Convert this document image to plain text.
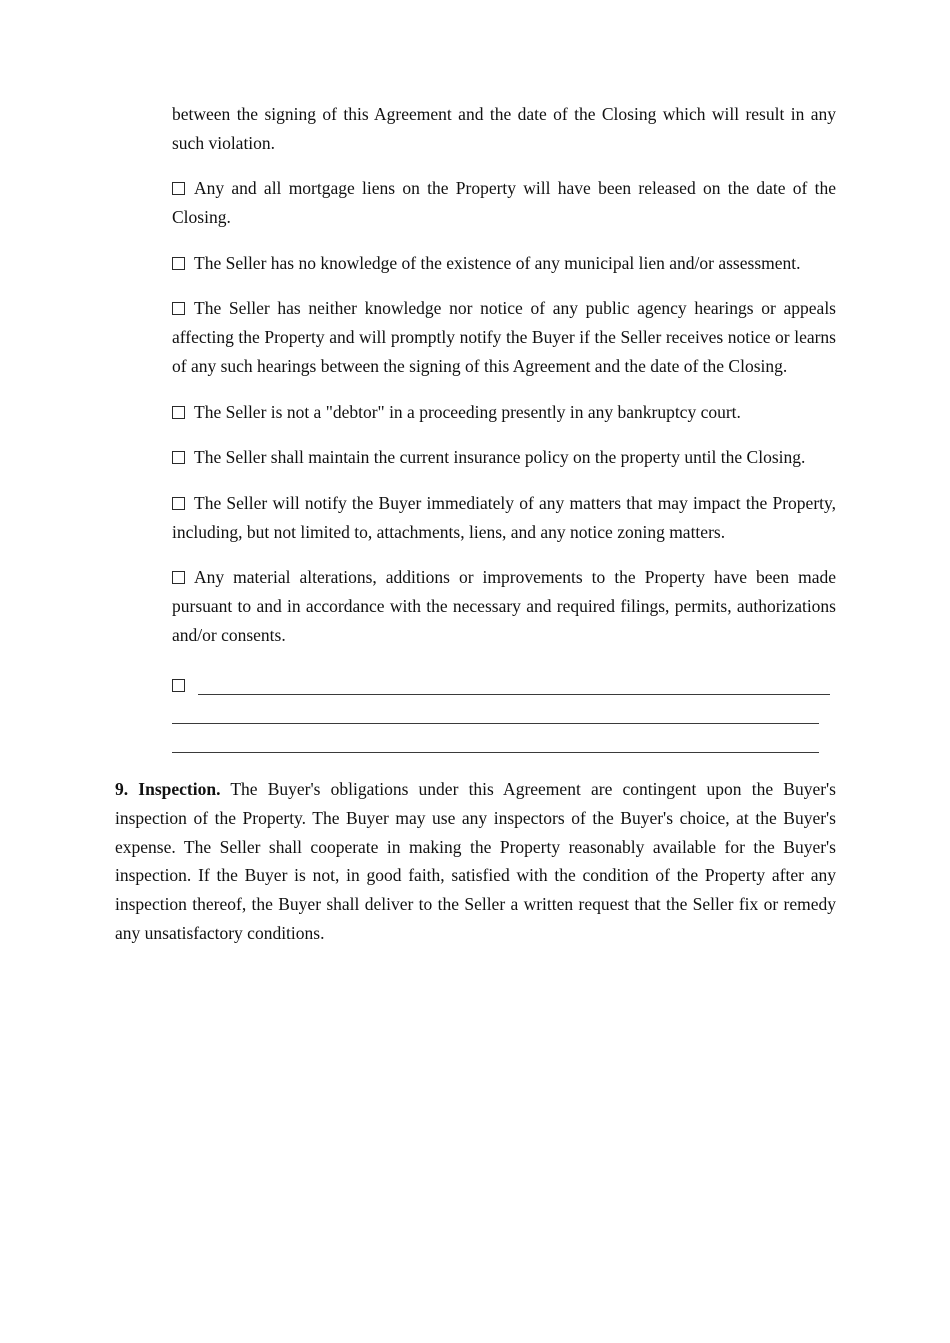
between the signing of this Agreement and the date of the Closing which will result in any such violation.

Any and all mortgage liens on the Property will have been released on the date of the Closing.

The Seller has no knowledge of the existence of any municipal lien and/or assessment.

The Seller has neither knowledge nor notice of any public agency hearings or appeals affecting the Property and will promptly notify the Buyer if the Seller receives notice or learns of any such hearings between the signing of this Agreement and the date of the Closing.

The Seller is not a "debtor" in a proceeding presently in any bankruptcy court.

The Seller shall maintain the current insurance policy on the property until the Closing.

The Seller will notify the Buyer immediately of any matters that may impact the Property, including, but not limited to, attachments, liens, and any notice zoning matters.

Any material alterations, additions or improvements to the Property have been made pursuant to and in accordance with the necessary and required filings, permits, authorizations and/or consents.

9. Inspection. The Buyer's obligations under this Agreement are contingent upon the Buyer's inspection of the Property. The Buyer may use any inspectors of the Buyer's choice, at the Buyer's expense. The Seller shall cooperate in making the Property reasonably available for the Buyer's inspection. If the Buyer is not, in good faith, satisfied with the condition of the Property after any inspection thereof, the Buyer shall deliver to the Seller a written request that the Seller fix or remedy any unsatisfactory conditions.
